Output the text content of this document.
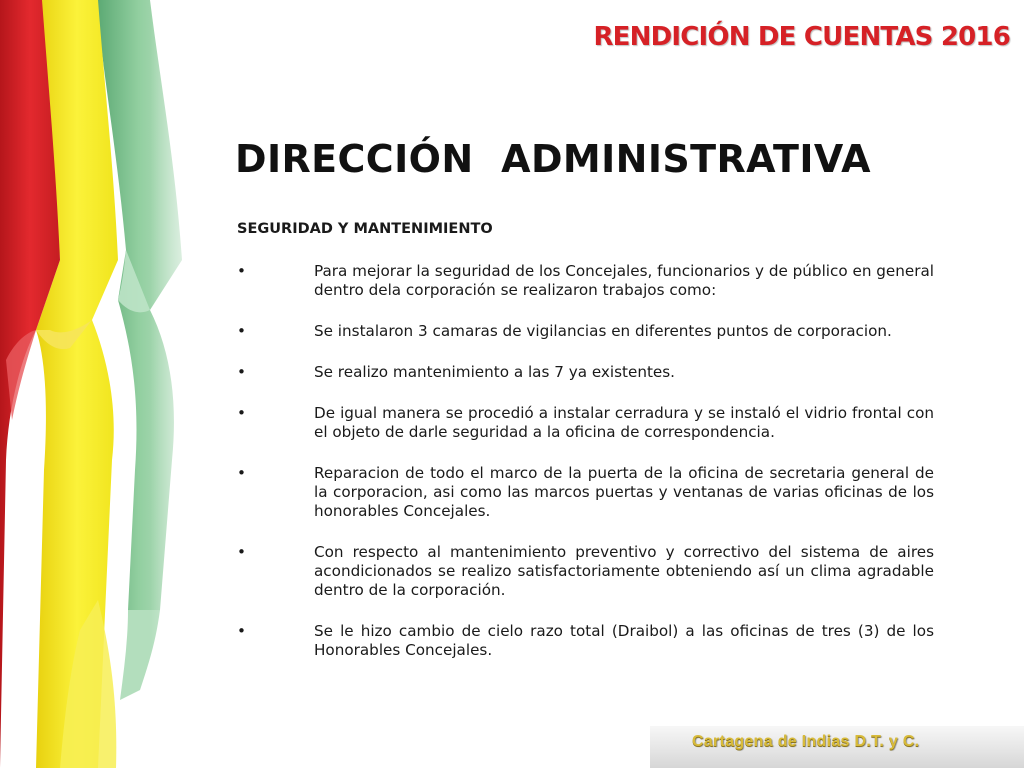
RENDICIÓN DE CUENTAS 2016
DIRECCIÓN ADMINISTRATIVA
SEGURIDAD Y MANTENIMIENTO
•	Para mejorar la seguridad de los Concejales, funcionarios y de público en general dentro dela corporación se realizaron trabajos como:
•	Se instalaron 3 camaras de vigilancias en diferentes puntos de corporacion.
•	Se realizo mantenimiento a las 7 ya existentes.
•	De igual manera se procedió a instalar cerradura y se instaló el vidrio frontal con el objeto de darle seguridad a la oficina de correspondencia.
•	Reparacion de todo el marco de la puerta de la oficina de secretaria general de la corporacion, asi como las marcos puertas y ventanas de varias oficinas de los honorables Concejales.
•	Con respecto al mantenimiento preventivo y correctivo del sistema de aires acondicionados se realizo satisfactoriamente obteniendo así un clima agradable dentro de la corporación.
•	Se le hizo cambio de cielo razo total (Draibol) a las oficinas de tres (3) de los Honorables Concejales.
Cartagena de Indias D.T. y C.
